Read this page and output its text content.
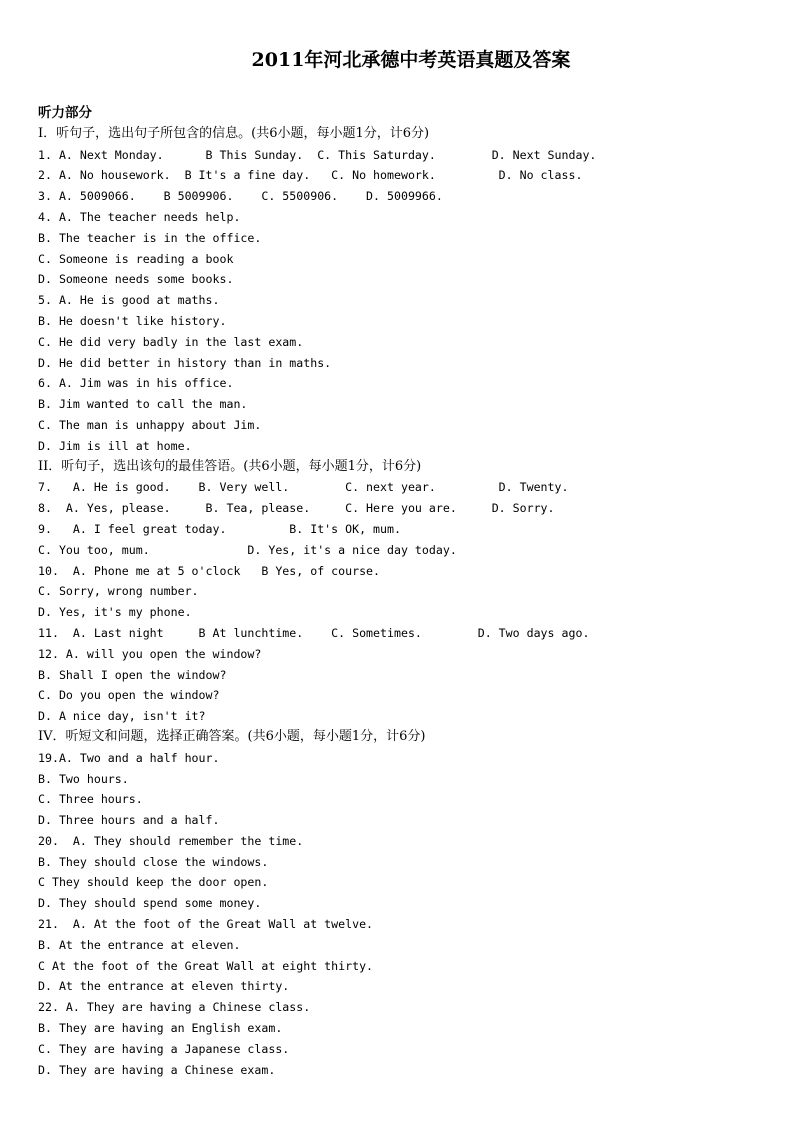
2011年河北承德中考英语真题及答案
听力部分
I．听句子，选出句子所包含的信息。(共6小题，每小题1分，计6分)
1. A. Next Monday.      B This Sunday.  C. This Saturday.        D. Next Sunday.
2. A. No housework.  B It's a fine day.   C. No homework.         D. No class.
3. A. 5009066.    B 5009906.    C. 5500906.    D. 5009966.
4. A. The teacher needs help.
B. The teacher is in the office.
C. Someone is reading a book
D. Someone needs some books.
5. A. He is good at maths.
B. He doesn't like history.
C. He did very badly in the last exam.
D. He did better in history than in maths.
6. A. Jim was in his office.
B. Jim wanted to call the man.
C. The man is unhappy about Jim.
D. Jim is ill at home.
II．听句子，选出该句的最佳答语。(共6小题，每小题1分，计6分)
7.   A. He is good.    B. Very well.        C. next year.         D. Twenty.
8.  A. Yes, please.     B. Tea, please.     C. Here you are.     D. Sorry.
9.   A. I feel great today.         B. It's OK, mum.
C. You too, mum.              D. Yes, it's a nice day today.
10.  A. Phone me at 5 o'clock   B Yes, of course.
C. Sorry, wrong number.
D. Yes, it's my phone.
11.  A. Last night     B At lunchtime.    C. Sometimes.        D. Two days ago.
12. A. will you open the window?
B. Shall I open the window?
C. Do you open the window?
D. A nice day, isn't it?
IV．听短文和问题，选择正确答案。(共6小题，每小题1分，计6分)
19.A. Two and a half hour.
B. Two hours.
C. Three hours.
D. Three hours and a half.
20.  A. They should remember the time.
B. They should close the windows.
C They should keep the door open.
D. They should spend some money.
21.  A. At the foot of the Great Wall at twelve.
B. At the entrance at eleven.
C At the foot of the Great Wall at eight thirty.
D. At the entrance at eleven thirty.
22. A. They are having a Chinese class.
B. They are having an English exam.
C. They are having a Japanese class.
D. They are having a Chinese exam.
